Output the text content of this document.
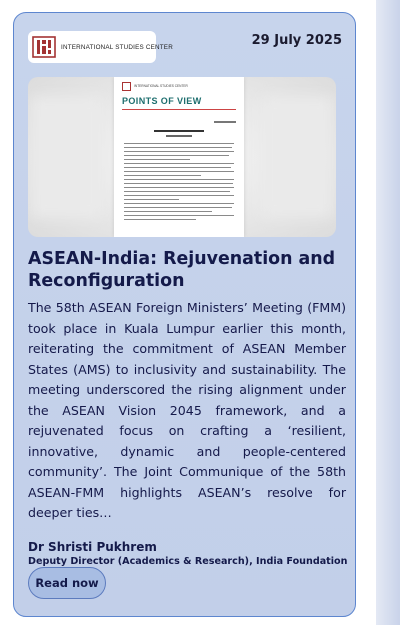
INTERNATIONAL STUDIES CENTER	29 July 2025
INTERNATIONAL STUDIES CENTER
POINTS OF VIEW
ASEAN-India: Rejuvenation and Reconfiguration
The 58th ASEAN Foreign Ministers’ Meeting (FMM) took place in Kuala Lumpur earlier this month, reiterating the commitment of ASEAN Member States (AMS) to inclusivity and sustainability. The meeting underscored the rising alignment under the ASEAN Vision 2045 framework, and a rejuvenated focus on crafting a ‘resilient, innovative, dynamic and people-centered community’. The Joint Communique of the 58th ASEAN-FMM highlights ASEAN’s resolve for deeper ties…
Dr Shristi Pukhrem
Deputy Director (Academics & Research), India Foundation
Read now
